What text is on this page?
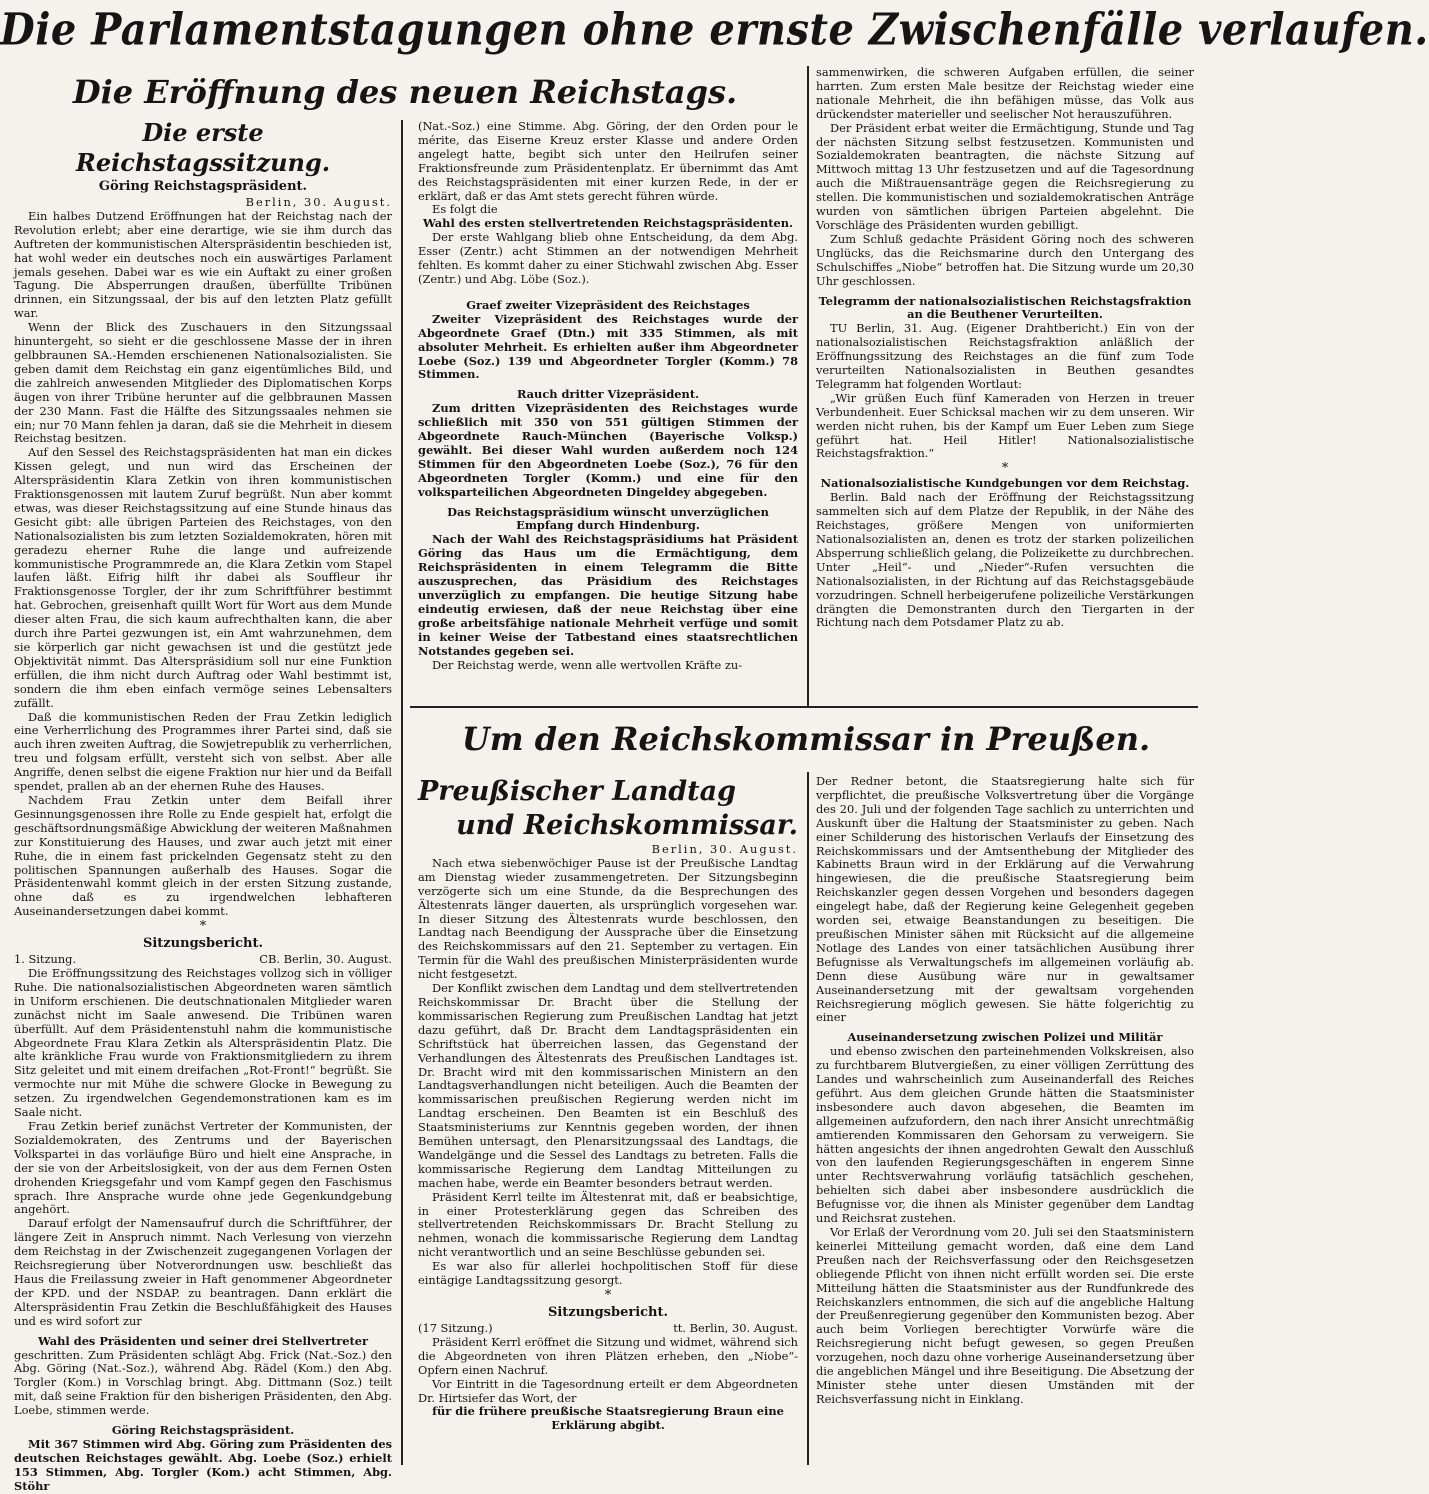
Die Parlamentstagungen ohne ernste Zwischenfälle verlaufen.
Die Eröffnung des neuen Reichstags.
Um den Reichskommissar in Preußen.

Die erste Reichstagssitzung.

Göring Reichstagspräsident.

Berlin, 30. August.

Ein halbes Dutzend Eröffnungen hat der Reichstag nach der Revolution erlebt; aber eine derartige, wie sie ihm durch das Auftreten der kommunistischen Alterspräsidentin beschieden ist, hat wohl weder ein deutsches noch ein auswärtiges Parlament jemals gesehen. Dabei war es wie ein Auftakt zu einer großen Tagung. Die Absperrungen draußen, überfüllte Tribünen drinnen, ein Sitzungssaal, der bis auf den letzten Platz gefüllt war.

Wenn der Blick des Zuschauers in den Sitzungssaal hinuntergeht, so sieht er die geschlossene Masse der in ihren gelbbraunen SA.-Hemden erschienenen Nationalsozialisten. Sie geben damit dem Reichstag ein ganz eigentümliches Bild, und die zahlreich anwesenden Mitglieder des Diplomatischen Korps äugen von ihrer Tribüne herunter auf die gelbbraunen Massen der 230 Mann. Fast die Hälfte des Sitzungssaales nehmen sie ein; nur 70 Mann fehlen ja daran, daß sie die Mehrheit in diesem Reichstag besitzen.

Auf den Sessel des Reichstagspräsidenten hat man ein dickes Kissen gelegt, und nun wird das Erscheinen der Alterspräsidentin Klara Zetkin von ihren kommunistischen Fraktionsgenossen mit lautem Zuruf begrüßt. Nun aber kommt etwas, was dieser Reichstagssitzung auf eine Stunde hinaus das Gesicht gibt: alle übrigen Parteien des Reichstages, von den Nationalsozialisten bis zum letzten Sozialdemokraten, hören mit geradezu eherner Ruhe die lange und aufreizende kommunistische Programmrede an, die Klara Zetkin vom Stapel laufen läßt. Eifrig hilft ihr dabei als Souffleur ihr Fraktionsgenosse Torgler, der ihr zum Schriftführer bestimmt hat. Gebrochen, greisenhaft quillt Wort für Wort aus dem Munde dieser alten Frau, die sich kaum aufrechthalten kann, die aber durch ihre Partei gezwungen ist, ein Amt wahrzunehmen, dem sie körperlich gar nicht gewachsen ist und die gestützt jede Objektivität nimmt. Das Alterspräsidium soll nur eine Funktion erfüllen, die ihm nicht durch Auftrag oder Wahl bestimmt ist, sondern die ihm eben einfach vermöge seines Lebensalters zufällt.

Daß die kommunistischen Reden der Frau Zetkin lediglich eine Verherrlichung des Programmes ihrer Partei sind, daß sie auch ihren zweiten Auftrag, die Sowjetrepublik zu verherrlichen, treu und folgsam erfüllt, versteht sich von selbst. Aber alle Angriffe, denen selbst die eigene Fraktion nur hier und da Beifall spendet, prallen ab an der ehernen Ruhe des Hauses.

Nachdem Frau Zetkin unter dem Beifall ihrer Gesinnungsgenossen ihre Rolle zu Ende gespielt hat, erfolgt die geschäftsordnungsmäßige Abwicklung der weiteren Maßnahmen zur Konstituierung des Hauses, und zwar auch jetzt mit einer Ruhe, die in einem fast prickelnden Gegensatz steht zu den politischen Spannungen außerhalb des Hauses. Sogar die Präsidentenwahl kommt gleich in der ersten Sitzung zustande, ohne daß es zu irgendwelchen lebhafteren Auseinandersetzungen dabei kommt.

*

Sitzungsbericht.

1. Sitzung.	CB. Berlin, 30. August.

Die Eröffnungssitzung des Reichstages vollzog sich in völliger Ruhe. Die nationalsozialistischen Abgeordneten waren sämtlich in Uniform erschienen. Die deutschnationalen Mitglieder waren zunächst nicht im Saale anwesend. Die Tribünen waren überfüllt. Auf dem Präsidentenstuhl nahm die kommunistische Abgeordnete Frau Klara Zetkin als Alterspräsidentin Platz. Die alte kränkliche Frau wurde von Fraktionsmitgliedern zu ihrem Sitz geleitet und mit einem dreifachen „Rot-Front!“ begrüßt. Sie vermochte nur mit Mühe die schwere Glocke in Bewegung zu setzen. Zu irgendwelchen Gegendemonstrationen kam es im Saale nicht.

Frau Zetkin berief zunächst Vertreter der Kommunisten, der Sozialdemokraten, des Zentrums und der Bayerischen Volkspartei in das vorläufige Büro und hielt eine Ansprache, in der sie von der Arbeitslosigkeit, von der aus dem Fernen Osten drohenden Kriegsgefahr und vom Kampf gegen den Faschismus sprach. Ihre Ansprache wurde ohne jede Gegenkundgebung angehört.

Darauf erfolgt der Namensaufruf durch die Schriftführer, der längere Zeit in Anspruch nimmt. Nach Verlesung von vierzehn dem Reichstag in der Zwischenzeit zugegangenen Vorlagen der Reichsregierung über Notverordnungen usw. beschließt das Haus die Freilassung zweier in Haft genommener Abgeordneter der KPD. und der NSDAP. zu beantragen. Dann erklärt die Alterspräsidentin Frau Zetkin die Beschlußfähigkeit des Hauses und es wird sofort zur

Wahl des Präsidenten und seiner drei Stellvertreter

geschritten. Zum Präsidenten schlägt Abg. Frick (Nat.-Soz.) den Abg. Göring (Nat.-Soz.), während Abg. Rädel (Kom.) den Abg. Torgler (Kom.) in Vorschlag bringt. Abg. Dittmann (Soz.) teilt mit, daß seine Fraktion für den bisherigen Präsidenten, den Abg. Loebe, stimmen werde.

Göring Reichstagspräsident.

Mit 367 Stimmen wird Abg. Göring zum Präsidenten des deutschen Reichstages gewählt. Abg. Loebe (Soz.) erhielt 153 Stimmen, Abg. Torgler (Kom.) acht Stimmen, Abg. Stöhr

(Nat.-Soz.) eine Stimme. Abg. Göring, der den Orden pour le mérite, das Eiserne Kreuz erster Klasse und andere Orden angelegt hatte, begibt sich unter den Heilrufen seiner Fraktionsfreunde zum Präsidentenplatz. Er übernimmt das Amt des Reichstagspräsidenten mit einer kurzen Rede, in der er erklärt, daß er das Amt stets gerecht führen würde.

Es folgt die

Wahl des ersten stellvertretenden Reichstagspräsidenten.

Der erste Wahlgang blieb ohne Entscheidung, da dem Abg. Esser (Zentr.) acht Stimmen an der notwendigen Mehrheit fehlten. Es kommt daher zu einer Stichwahl zwischen Abg. Esser (Zentr.) und Abg. Löbe (Soz.).

Graef zweiter Vizepräsident des Reichstages

Zweiter Vizepräsident des Reichstages wurde der Abgeordnete Graef (Dtn.) mit 335 Stimmen, als mit absoluter Mehrheit. Es erhielten außer ihm Abgeordneter Loebe (Soz.) 139 und Abgeordneter Torgler (Komm.) 78 Stimmen.

Rauch dritter Vizepräsident.

Zum dritten Vizepräsidenten des Reichstages wurde schließlich mit 350 von 551 gültigen Stimmen der Abgeordnete Rauch-München (Bayerische Volksp.) gewählt. Bei dieser Wahl wurden außerdem noch 124 Stimmen für den Abgeordneten Loebe (Soz.), 76 für den Abgeordneten Torgler (Komm.) und eine für den volksparteilichen Abgeordneten Dingeldey abgegeben.

Das Reichstagspräsidium wünscht unverzüglichen Empfang durch Hindenburg.

Nach der Wahl des Reichstagspräsidiums hat Präsident Göring das Haus um die Ermächtigung, dem Reichspräsidenten in einem Telegramm die Bitte auszusprechen, das Präsidium des Reichstages unverzüglich zu empfangen. Die heutige Sitzung habe eindeutig erwiesen, daß der neue Reichstag über eine große arbeitsfähige nationale Mehrheit verfüge und somit in keiner Weise der Tatbestand eines staatsrechtlichen Notstandes gegeben sei.

Der Reichstag werde, wenn alle wertvollen Kräfte zu-

sammenwirken, die schweren Aufgaben erfüllen, die seiner harrten. Zum ersten Male besitze der Reichstag wieder eine nationale Mehrheit, die ihn befähigen müsse, das Volk aus drückendster materieller und seelischer Not herauszuführen.

Der Präsident erbat weiter die Ermächtigung, Stunde und Tag der nächsten Sitzung selbst festzusetzen. Kommunisten und Sozialdemokraten beantragten, die nächste Sitzung auf Mittwoch mittag 13 Uhr festzusetzen und auf die Tagesordnung auch die Mißtrauensanträge gegen die Reichsregierung zu stellen. Die kommunistischen und sozialdemokratischen Anträge wurden von sämtlichen übrigen Parteien abgelehnt. Die Vorschläge des Präsidenten wurden gebilligt.

Zum Schluß gedachte Präsident Göring noch des schweren Unglücks, das die Reichsmarine durch den Untergang des Schulschiffes „Niobe“ betroffen hat. Die Sitzung wurde um 20,30 Uhr geschlossen.

Telegramm der nationalsozialistischen Reichstagsfraktion an die Beuthener Verurteilten.

TU Berlin, 31. Aug. (Eigener Drahtbericht.) Ein von der nationalsozialistischen Reichstagsfraktion anläßlich der Eröffnungssitzung des Reichstages an die fünf zum Tode verurteilten Nationalsozialisten in Beuthen gesandtes Telegramm hat folgenden Wortlaut:

„Wir grüßen Euch fünf Kameraden von Herzen in treuer Verbundenheit. Euer Schicksal machen wir zu dem unseren. Wir werden nicht ruhen, bis der Kampf um Euer Leben zum Siege geführt hat. Heil Hitler! Nationalsozialistische Reichstagsfraktion.“

*

Nationalsozialistische Kundgebungen vor dem Reichstag.

Berlin. Bald nach der Eröffnung der Reichstagssitzung sammelten sich auf dem Platze der Republik, in der Nähe des Reichstages, größere Mengen von uniformierten Nationalsozialisten an, denen es trotz der starken polizeilichen Absperrung schließlich gelang, die Polizeikette zu durchbrechen. Unter „Heil“- und „Nieder“-Rufen versuchten die Nationalsozialisten, in der Richtung auf das Reichstagsgebäude vorzudringen. Schnell herbeigerufene polizeiliche Verstärkungen drängten die Demonstranten durch den Tiergarten in der Richtung nach dem Potsdamer Platz zu ab.

Preußischer Landtag

und Reichskommissar.

Berlin, 30. August.

Nach etwa siebenwöchiger Pause ist der Preußische Landtag am Dienstag wieder zusammengetreten. Der Sitzungsbeginn verzögerte sich um eine Stunde, da die Besprechungen des Ältestenrats länger dauerten, als ursprünglich vorgesehen war. In dieser Sitzung des Ältestenrats wurde beschlossen, den Landtag nach Beendigung der Aussprache über die Einsetzung des Reichskommissars auf den 21. September zu vertagen. Ein Termin für die Wahl des preußischen Ministerpräsidenten wurde nicht festgesetzt.

Der Konflikt zwischen dem Landtag und dem stellvertretenden Reichskommissar Dr. Bracht über die Stellung der kommissarischen Regierung zum Preußischen Landtag hat jetzt dazu geführt, daß Dr. Bracht dem Landtagspräsidenten ein Schriftstück hat überreichen lassen, das Gegenstand der Verhandlungen des Ältestenrats des Preußischen Landtages ist. Dr. Bracht wird mit den kommissarischen Ministern an den Landtagsverhandlungen nicht beteiligen. Auch die Beamten der kommissarischen preußischen Regierung werden nicht im Landtag erscheinen. Den Beamten ist ein Beschluß des Staatsministeriums zur Kenntnis gegeben worden, der ihnen Bemühen untersagt, den Plenarsitzungssaal des Landtags, die Wandelgänge und die Sessel des Landtags zu betreten. Falls die kommissarische Regierung dem Landtag Mitteilungen zu machen habe, werde ein Beamter besonders betraut werden.

Präsident Kerrl teilte im Ältestenrat mit, daß er beabsichtige, in einer Protesterklärung gegen das Schreiben des stellvertretenden Reichskommissars Dr. Bracht Stellung zu nehmen, wonach die kommissarische Regierung dem Landtag nicht verantwortlich und an seine Beschlüsse gebunden sei.

Es war also für allerlei hochpolitischen Stoff für diese eintägige Landtagssitzung gesorgt.

*

Sitzungsbericht.

(17 Sitzung.)	tt. Berlin, 30. August.

Präsident Kerrl eröffnet die Sitzung und widmet, während sich die Abgeordneten von ihren Plätzen erheben, den „Niobe“-Opfern einen Nachruf.

Vor Eintritt in die Tagesordnung erteilt er dem Abgeordneten Dr. Hirtsiefer das Wort, der

für die frühere preußische Staatsregierung Braun eine Erklärung abgibt.

Der Redner betont, die Staatsregierung halte sich für verpflichtet, die preußische Volksvertretung über die Vorgänge des 20. Juli und der folgenden Tage sachlich zu unterrichten und Auskunft über die Haltung der Staatsminister zu geben. Nach einer Schilderung des historischen Verlaufs der Einsetzung des Reichskommissars und der Amtsenthebung der Mitglieder des Kabinetts Braun wird in der Erklärung auf die Verwahrung hingewiesen, die die preußische Staatsregierung beim Reichskanzler gegen dessen Vorgehen und besonders dagegen eingelegt habe, daß der Regierung keine Gelegenheit gegeben worden sei, etwaige Beanstandungen zu beseitigen. Die preußischen Minister sähen mit Rücksicht auf die allgemeine Notlage des Landes von einer tatsächlichen Ausübung ihrer Befugnisse als Verwaltungschefs im allgemeinen vorläufig ab. Denn diese Ausübung wäre nur in gewaltsamer Auseinandersetzung mit der gewaltsam vorgehenden Reichsregierung möglich gewesen. Sie hätte folgerichtig zu einer

Auseinandersetzung zwischen Polizei und Militär

und ebenso zwischen den parteinehmenden Volkskreisen, also zu furchtbarem Blutvergießen, zu einer völligen Zerrüttung des Landes und wahrscheinlich zum Auseinanderfall des Reiches geführt. Aus dem gleichen Grunde hätten die Staatsminister insbesondere auch davon abgesehen, die Beamten im allgemeinen aufzufordern, den nach ihrer Ansicht unrechtmäßig amtierenden Kommissaren den Gehorsam zu verweigern. Sie hätten angesichts der ihnen angedrohten Gewalt den Ausschluß von den laufenden Regierungsgeschäften in engerem Sinne unter Rechtsverwahrung vorläufig tatsächlich geschehen, behielten sich dabei aber insbesondere ausdrücklich die Befugnisse vor, die ihnen als Minister gegenüber dem Landtag und Reichsrat zustehen.

Vor Erlaß der Verordnung vom 20. Juli sei den Staatsministern keinerlei Mitteilung gemacht worden, daß eine dem Land Preußen nach der Reichsverfassung oder den Reichsgesetzen obliegende Pflicht von ihnen nicht erfüllt worden sei. Die erste Mitteilung hätten die Staatsminister aus der Rundfunkrede des Reichskanzlers entnommen, die sich auf die angebliche Haltung der Preußenregierung gegenüber den Kommunisten bezog. Aber auch beim Vorliegen berechtigter Vorwürfe wäre die Reichsregierung nicht befugt gewesen, so gegen Preußen vorzugehen, noch dazu ohne vorherige Auseinandersetzung über die angeblichen Mängel und ihre Beseitigung. Die Absetzung der Minister stehe unter diesen Umständen mit der Reichsverfassung nicht in Einklang.
